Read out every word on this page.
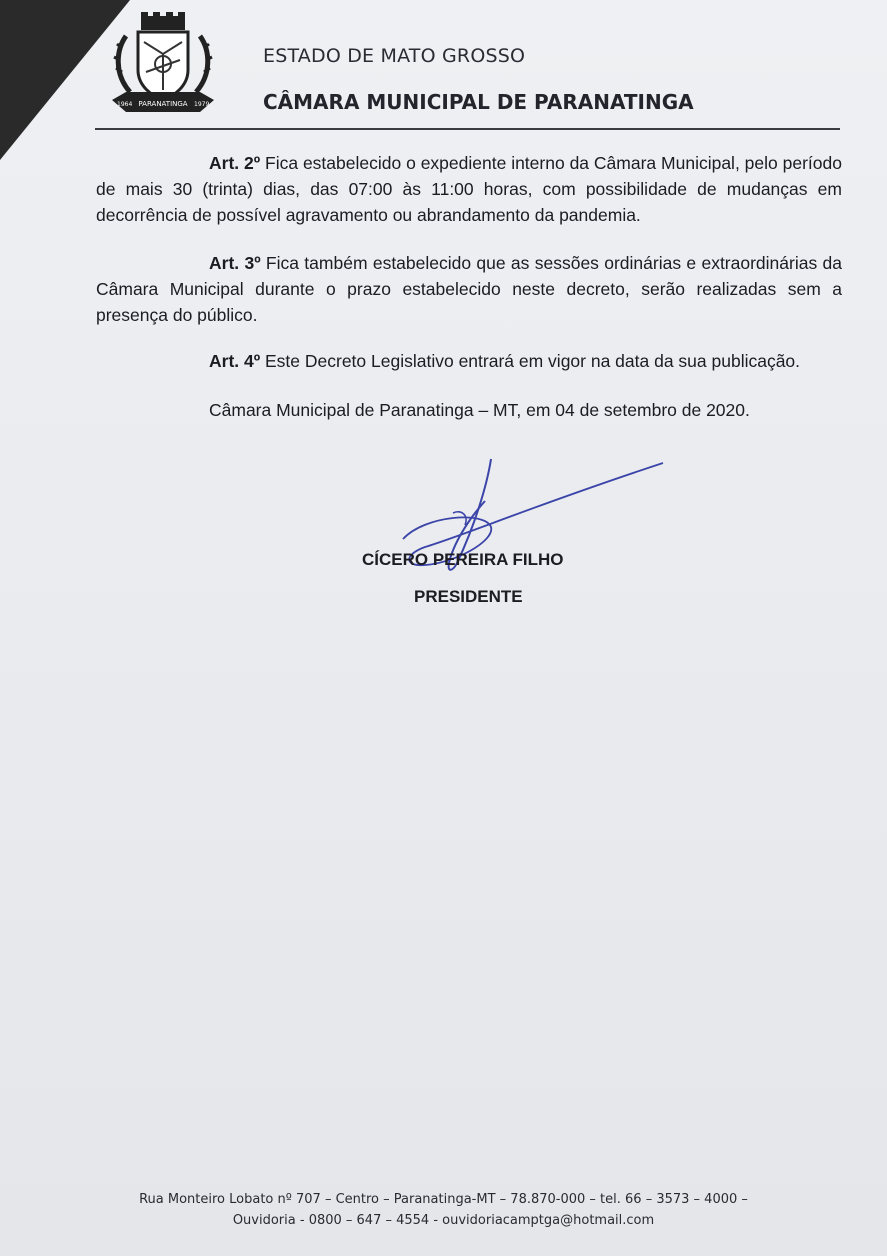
1964 PARANATINGA 1979
ESTADO DE MATO GROSSO
CÂMARA MUNICIPAL DE PARANATINGA

Art. 2º Fica estabelecido o expediente interno da Câmara Municipal, pelo período de mais 30 (trinta) dias, das 07:00 às 11:00 horas, com possibilidade de mudanças em decorrência de possível agravamento ou abrandamento da pandemia.

Art. 3º Fica também estabelecido que as sessões ordinárias e extraordinárias da Câmara Municipal durante o prazo estabelecido neste decreto, serão realizadas sem a presença do público.

Art. 4º Este Decreto Legislativo entrará em vigor na data da sua publicação.

Câmara Municipal de Paranatinga – MT, em 04 de setembro de 2020.

CÍCERO PEREIRA FILHO
PRESIDENTE
Rua Monteiro Lobato nº 707 – Centro – Paranatinga-MT – 78.870-000 – tel. 66 – 3573 – 4000 –
Ouvidoria - 0800 – 647 – 4554 - ouvidoriacamptga@hotmail.com
